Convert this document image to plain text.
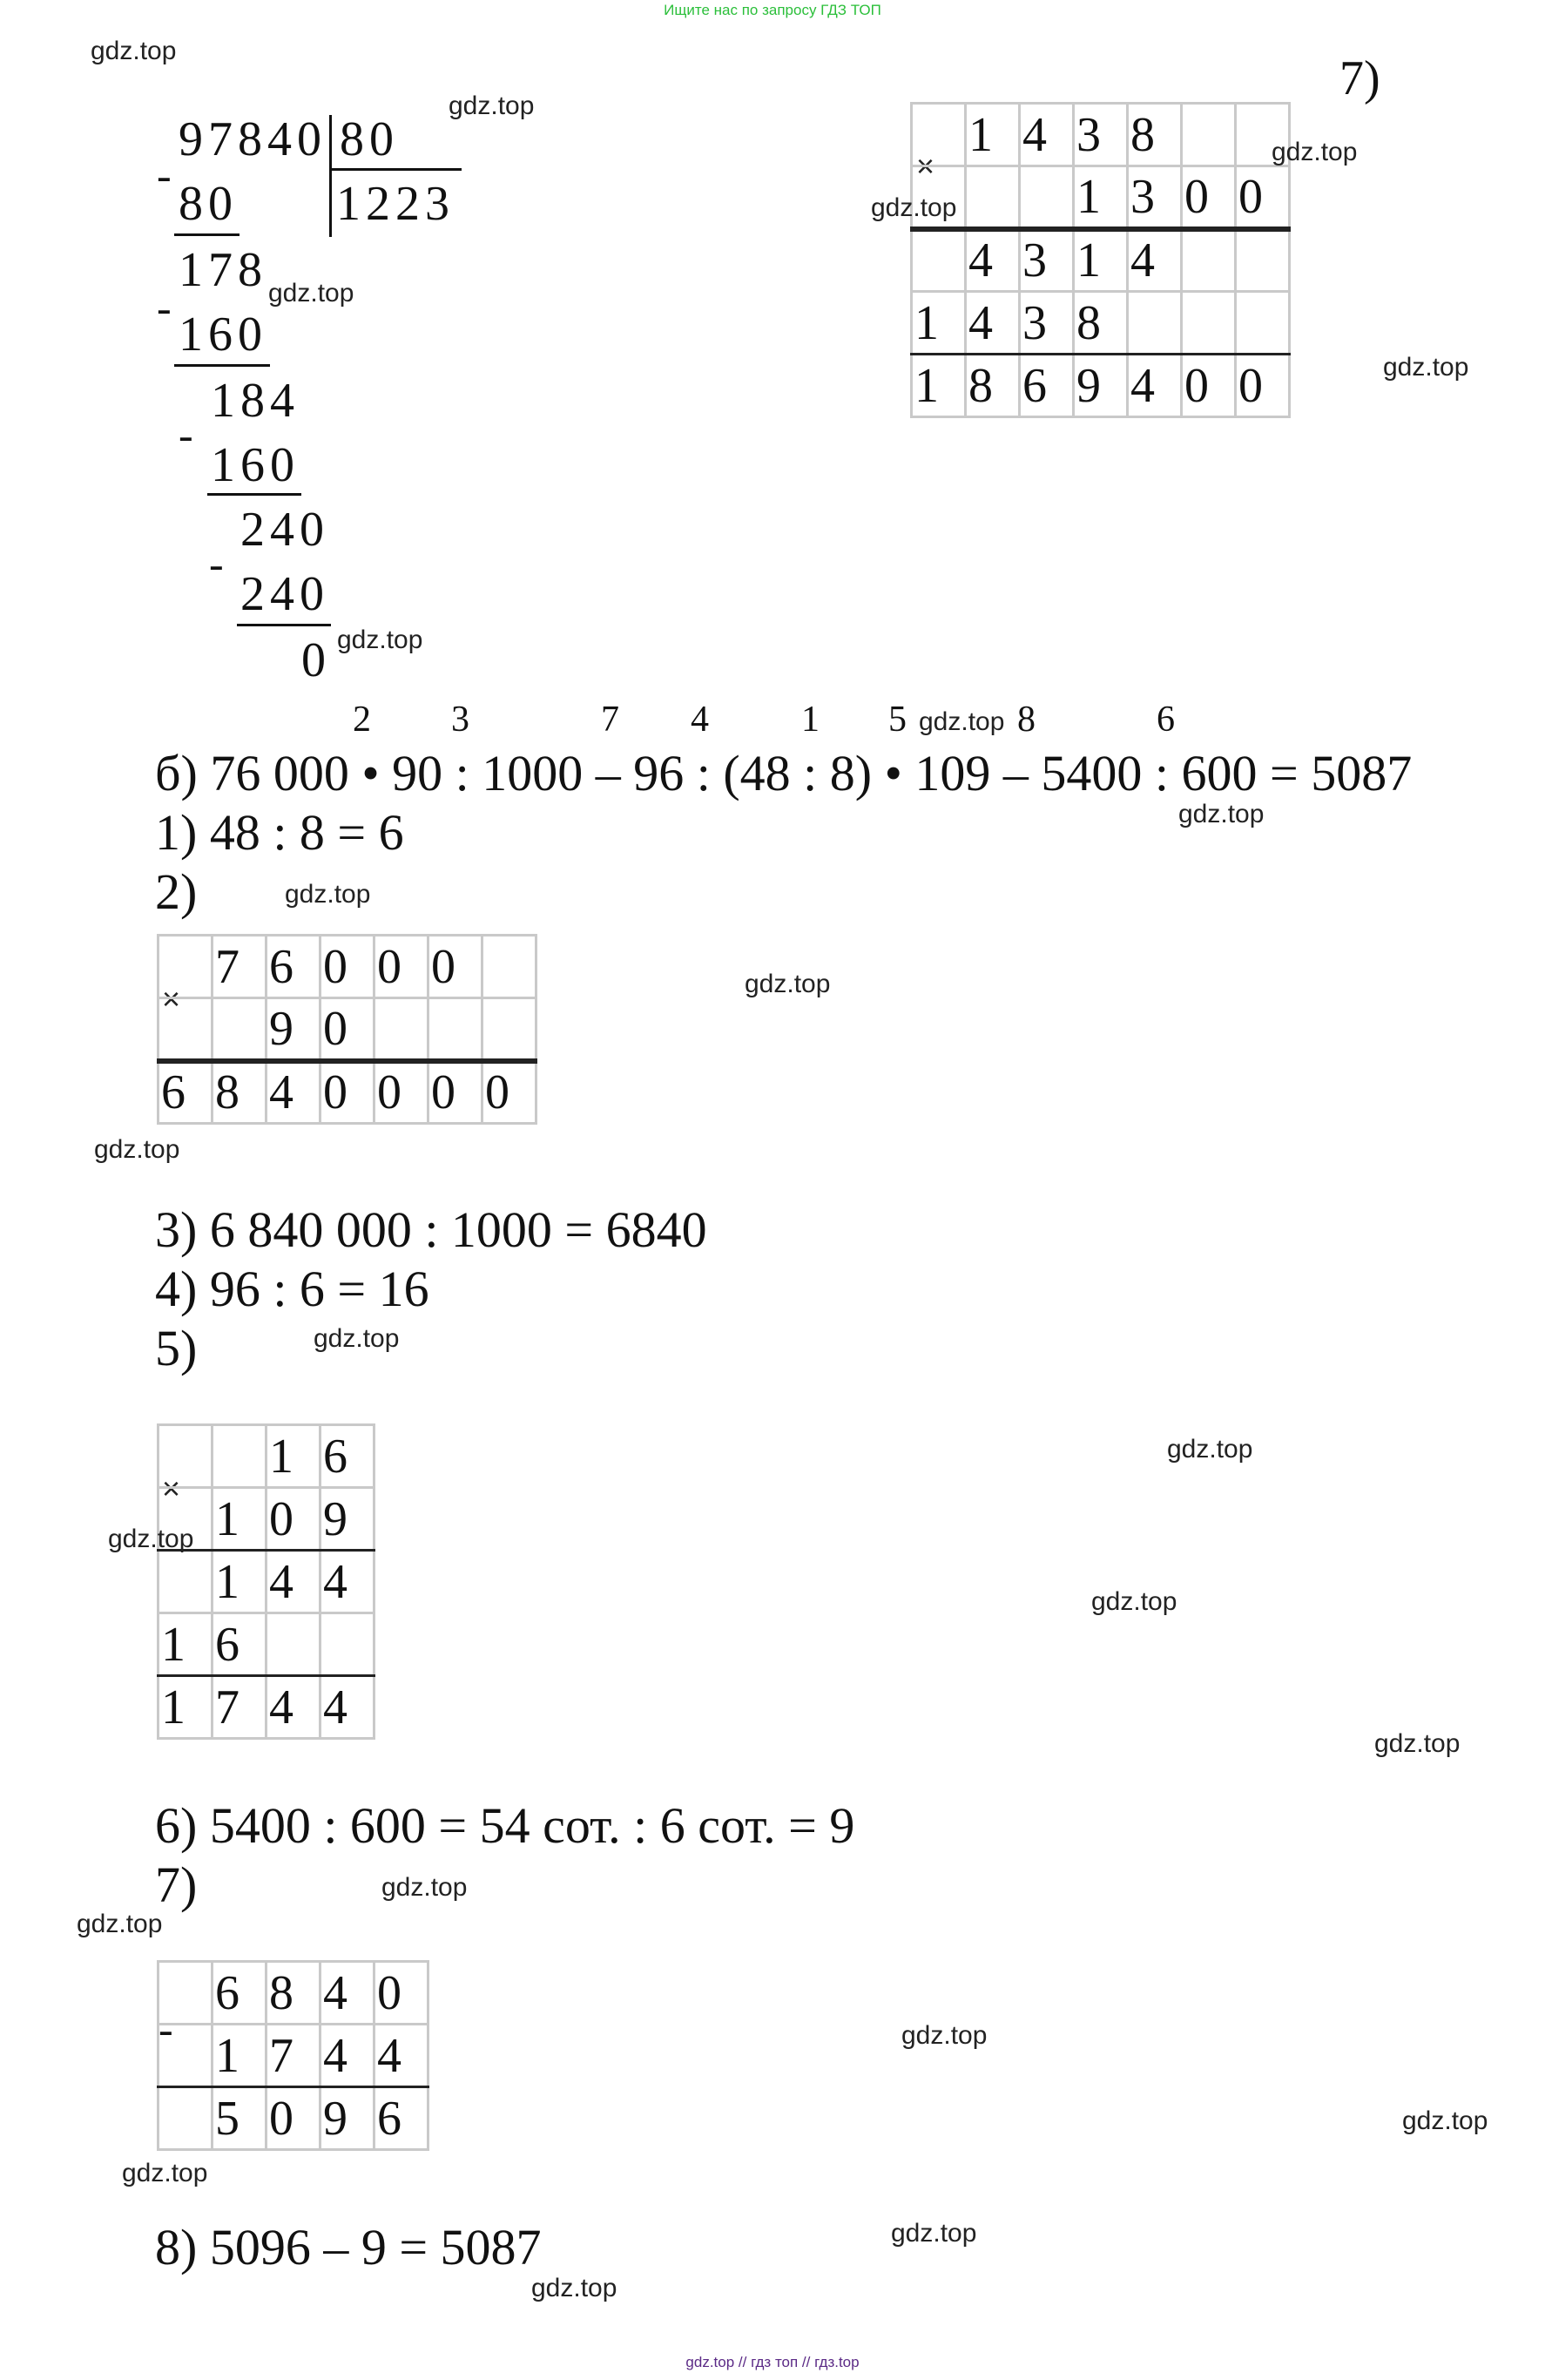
Ищите нас по запросу ГДЗ ТОП
97840 80
1223
-
80
178
- 160
184
-
160
240
-
240
0
7)
×
	1	4	3	8		
			1	3	0	0
	4	3	1	4		
1	4	3	8			
1	8	6	9	4	0	0
2 3	7 4	1 5	8	6
б) 76 000 • 90 : 1000 – 96 : (48 : 8) • 109 – 5400 : 600 = 5087
1) 48 : 8 = 6
2)
×
	7	6	0	0	0	
		9	0			
6	8	4	0	0	0	0
3) 6 840 000 : 1000 = 6840
4) 96 : 6 = 16
5)
×
		1	6
	1	0	9
	1	4	4
1	6		
1	7	4	4
6) 5400 : 600 = 54 сот. : 6 сот. = 9
7)
-
	6	8	4	0
	1	7	4	4
	5	0	9	6
8) 5096 – 9 = 5087
gdz.top
gdz.top
gdz.top
gdz.top
gdz.top
gdz.top
gdz.top
gdz.top
gdz.top
gdz.top
gdz.top
gdz.top
gdz.top
gdz.top
gdz.top
gdz.top
gdz.top
gdz.top
gdz.top
gdz.top
gdz.top
gdz.top
gdz.top
gdz.top
gdz.top // гдз топ // гдз.top
